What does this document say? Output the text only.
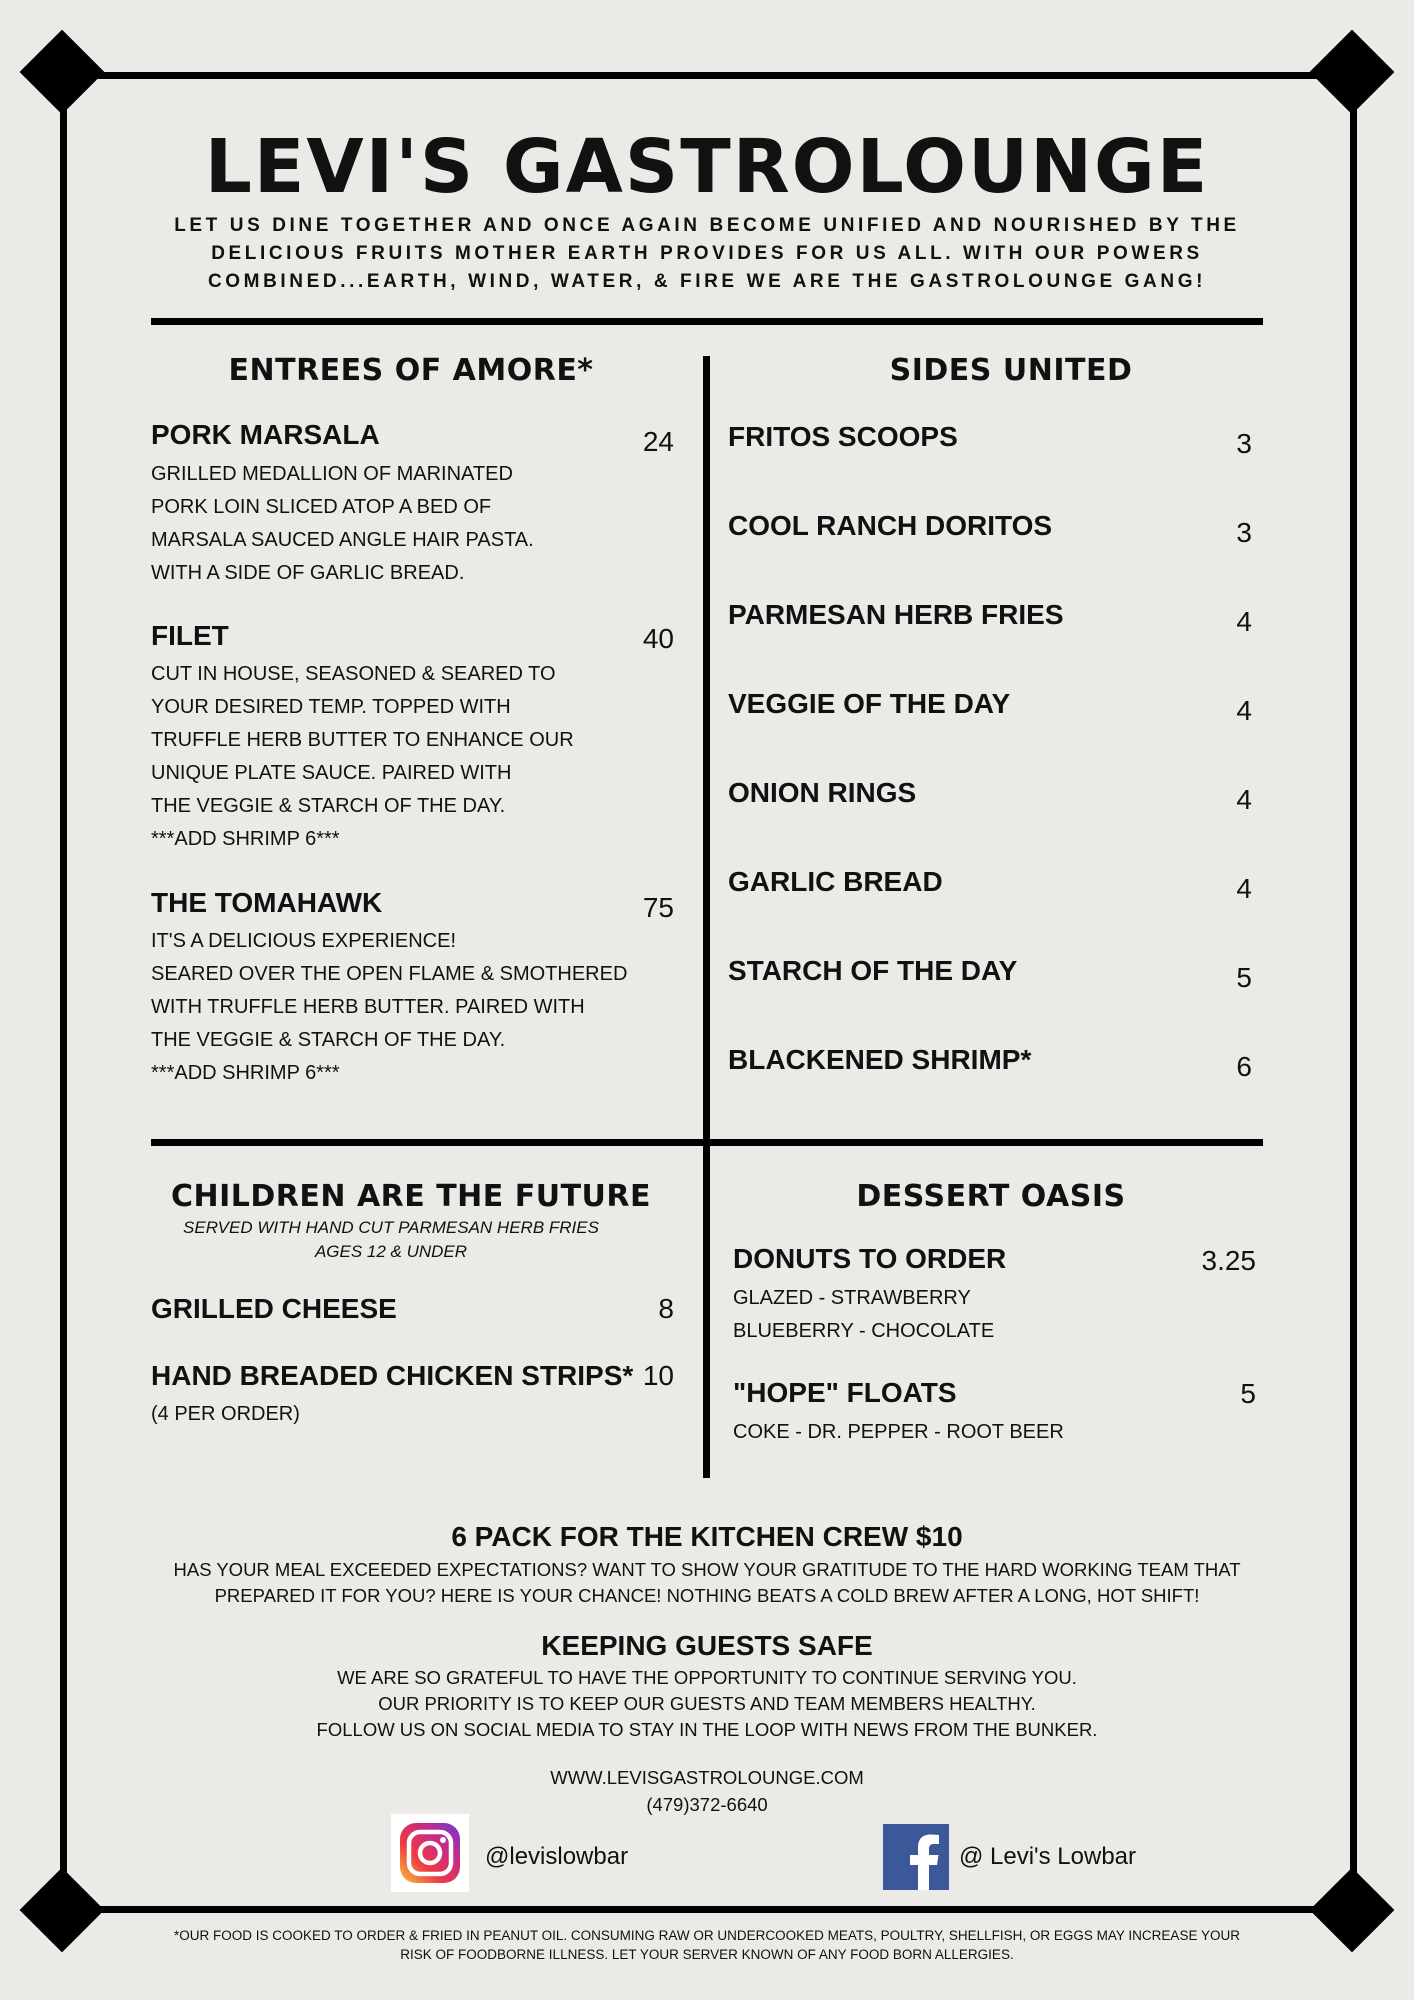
LEVI'S GASTROLOUNGE
LET US DINE TOGETHER AND ONCE AGAIN BECOME UNIFIED AND NOURISHED BY THE DELICIOUS FRUITS MOTHER EARTH PROVIDES FOR US ALL. WITH OUR POWERS COMBINED...EARTH, WIND, WATER, & FIRE WE ARE THE GASTROLOUNGE GANG!
ENTREES OF AMORE*
PORK MARSALA	24
GRILLED MEDALLION OF MARINATED
PORK LOIN SLICED ATOP A BED OF
MARSALA SAUCED ANGLE HAIR PASTA.
WITH A SIDE OF GARLIC BREAD.
FILET	40
CUT IN HOUSE, SEASONED & SEARED TO
YOUR DESIRED TEMP. TOPPED WITH
TRUFFLE HERB BUTTER TO ENHANCE OUR
UNIQUE PLATE SAUCE. PAIRED WITH
THE VEGGIE & STARCH OF THE DAY.
***ADD SHRIMP 6***
THE TOMAHAWK	75
IT'S A DELICIOUS EXPERIENCE!
SEARED OVER THE OPEN FLAME & SMOTHERED
WITH TRUFFLE HERB BUTTER. PAIRED WITH
THE VEGGIE & STARCH OF THE DAY.
***ADD SHRIMP 6***
SIDES UNITED
FRITOS SCOOPS	3
COOL RANCH DORITOS	3
PARMESAN HERB FRIES	4
VEGGIE OF THE DAY	4
ONION RINGS	4
GARLIC BREAD	4
STARCH OF THE DAY	5
BLACKENED SHRIMP*	6
CHILDREN ARE THE FUTURE
SERVED WITH HAND CUT PARMESAN HERB FRIES
AGES 12 & UNDER
GRILLED CHEESE	8
HAND BREADED CHICKEN STRIPS* 10
(4 PER ORDER)
DESSERT OASIS
DONUTS TO ORDER	3.25
GLAZED - STRAWBERRY
BLUEBERRY - CHOCOLATE
"HOPE" FLOATS	5
COKE - DR. PEPPER - ROOT BEER
6 PACK FOR THE KITCHEN CREW $10
HAS YOUR MEAL EXCEEDED EXPECTATIONS? WANT TO SHOW YOUR GRATITUDE TO THE HARD WORKING TEAM THAT
PREPARED IT FOR YOU? HERE IS YOUR CHANCE! NOTHING BEATS A COLD BREW AFTER A LONG, HOT SHIFT!
KEEPING GUESTS SAFE
WE ARE SO GRATEFUL TO HAVE THE OPPORTUNITY TO CONTINUE SERVING YOU.
OUR PRIORITY IS TO KEEP OUR GUESTS AND TEAM MEMBERS HEALTHY.
FOLLOW US ON SOCIAL MEDIA TO STAY IN THE LOOP WITH NEWS FROM THE BUNKER.
WWW.LEVISGASTROLOUNGE.COM
(479)372-6640
@levislowbar	@ Levi's Lowbar
*OUR FOOD IS COOKED TO ORDER & FRIED IN PEANUT OIL. CONSUMING RAW OR UNDERCOOKED MEATS, POULTRY, SHELLFISH, OR EGGS MAY INCREASE YOUR RISK OF FOODBORNE ILLNESS. LET YOUR SERVER KNOWN OF ANY FOOD BORN ALLERGIES.
